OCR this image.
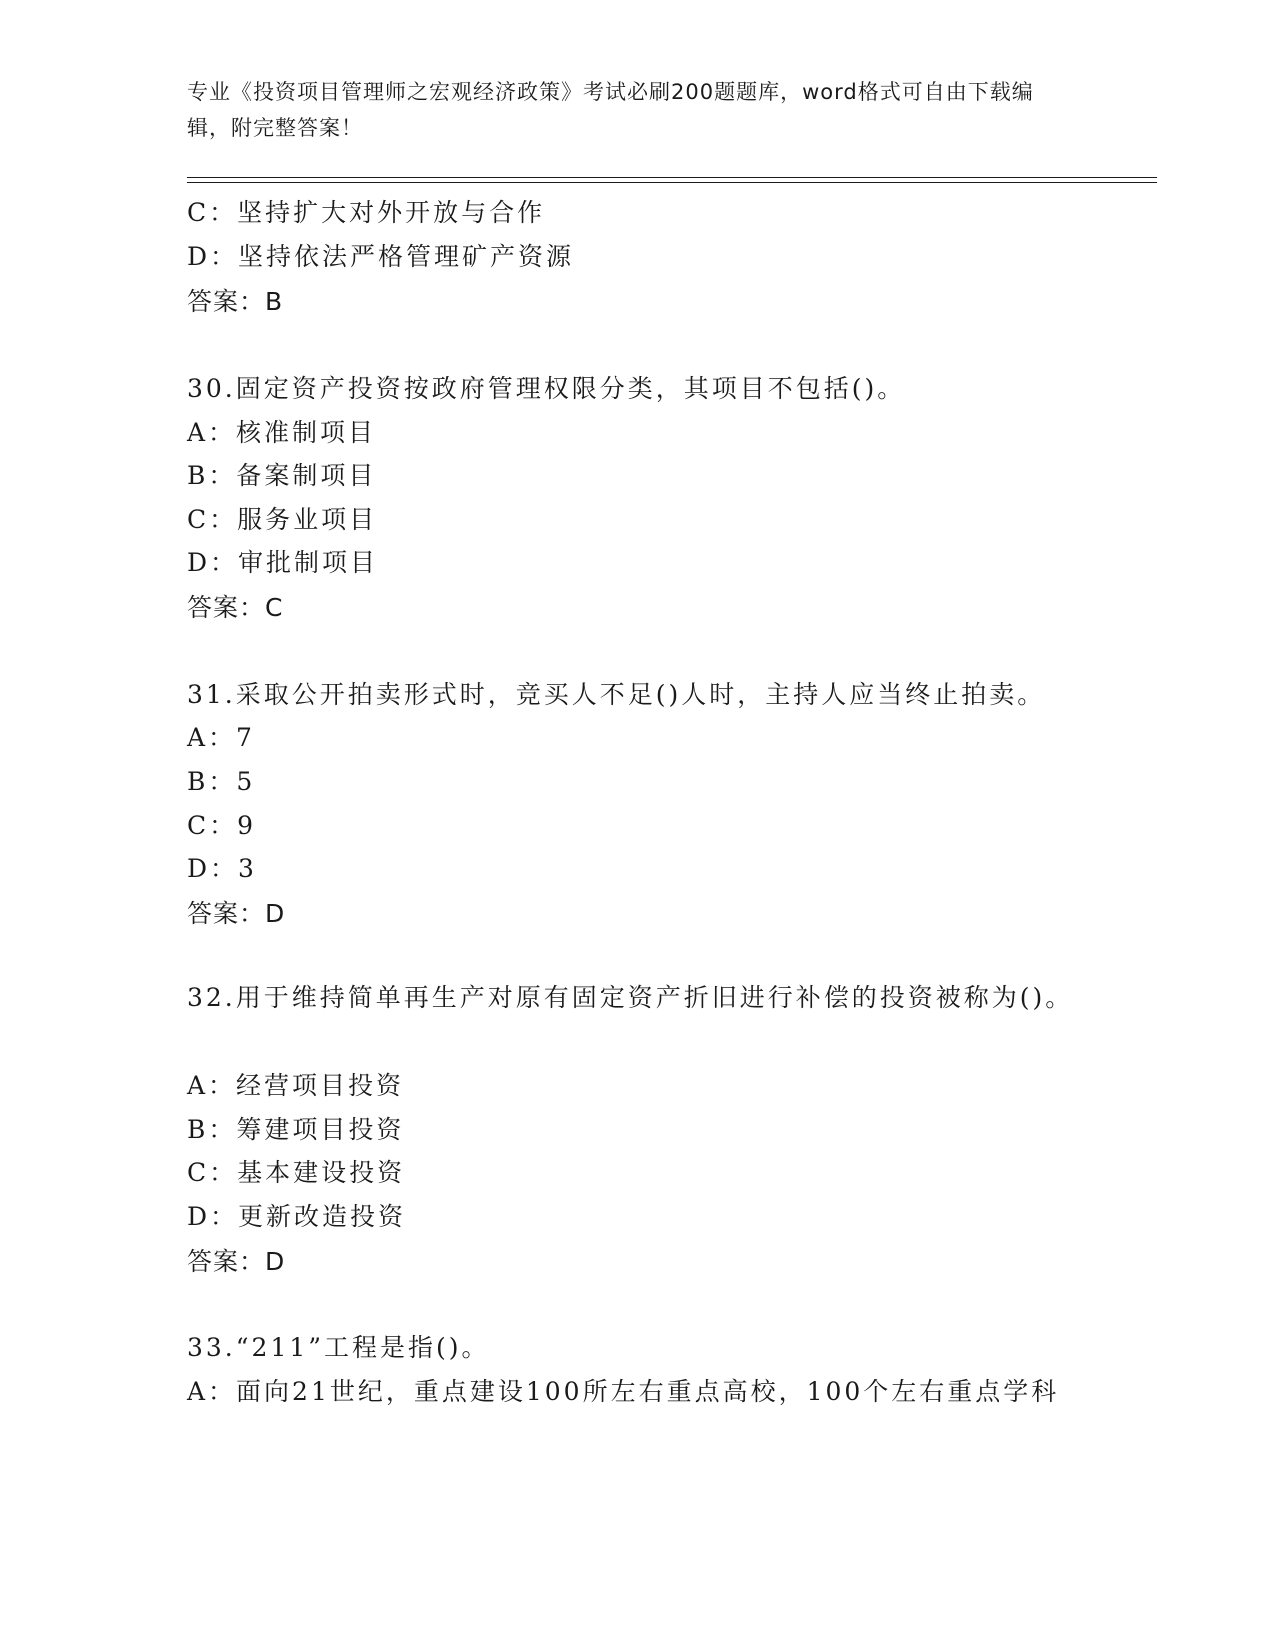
专业《投资项目管理师之宏观经济政策》考试必刷200题题库，word格式可自由下载编辑，附完整答案！
C：坚持扩大对外开放与合作
D：坚持依法严格管理矿产资源
答案：B
30.固定资产投资按政府管理权限分类，其项目不包括()。
A：核准制项目
B：备案制项目
C：服务业项目
D：审批制项目
答案：C
31.采取公开拍卖形式时，竞买人不足()人时，主持人应当终止拍卖。
A：7
B：5
C：9
D：3
答案：D
32.用于维持简单再生产对原有固定资产折旧进行补偿的投资被称为()。
A：经营项目投资
B：筹建项目投资
C：基本建设投资
D：更新改造投资
答案：D
33.“211”工程是指()。
A：面向21世纪，重点建设100所左右重点高校，100个左右重点学科
